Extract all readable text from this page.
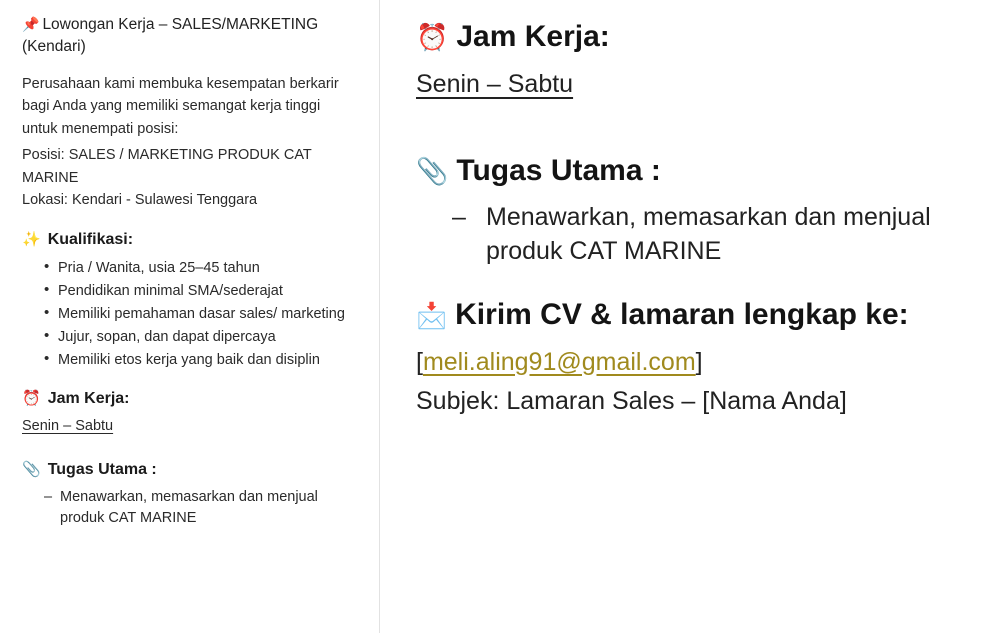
📌 Lowongan Kerja – SALES/MARKETING (Kendari)

Perusahaan kami membuka kesempatan berkarir bagi Anda yang memiliki semangat kerja tinggi untuk menempati posisi:

Posisi: SALES / MARKETING PRODUK CAT MARINE

Lokasi: Kendari - Sulawesi Tenggara

✨ Kualifikasi:
• Pria / Wanita, usia 25–45 tahun
• Pendidikan minimal SMA/sederajat
• Memiliki pemahaman dasar sales/ marketing
• Jujur, sopan, dan dapat dipercaya
• Memiliki etos kerja yang baik dan disiplin
⏰ Jam Kerja:
Senin – Sabtu
📎 Tugas Utama :

– Menawarkan, memasarkan dan menjual produk CAT MARINE

⏰ Jam Kerja:
Senin – Sabtu
📎 Tugas Utama :

– Menawarkan, memasarkan dan menjual produk CAT MARINE

📩 Kirim CV & lamaran lengkap ke:

[meli.aling91@gmail.com]

Subjek: Lamaran Sales – [Nama Anda]
